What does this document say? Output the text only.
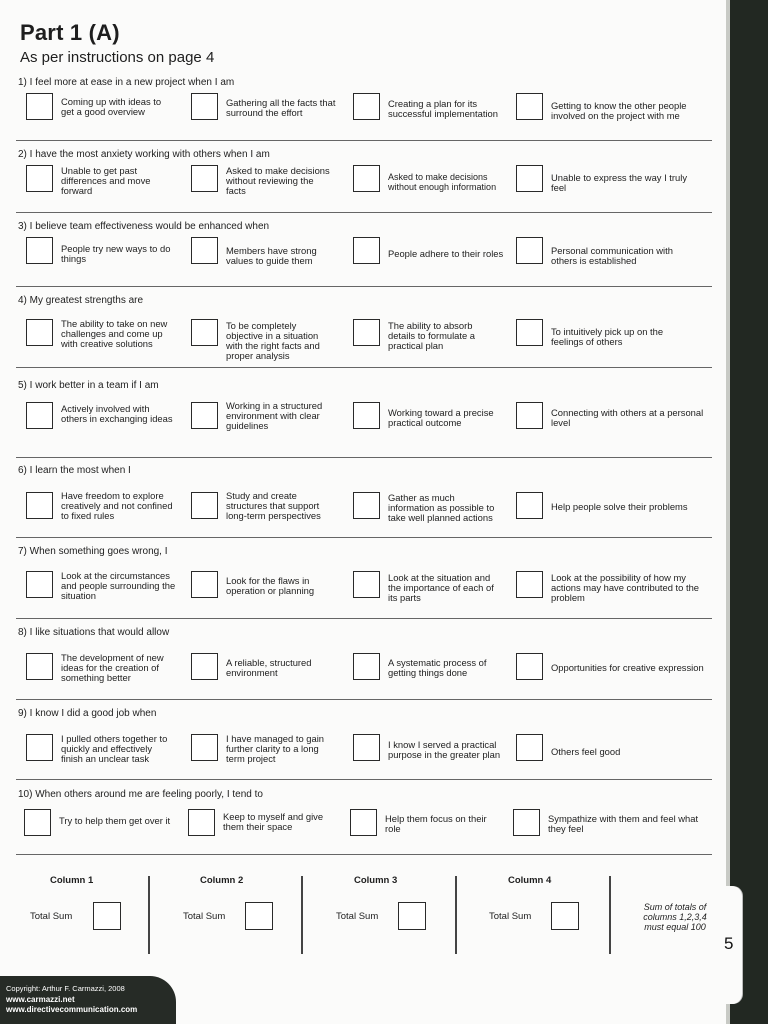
Part 1 (A)

As per instructions on page 4

1) I feel more at ease in a new project when I am
Coming up with ideas to
get a good overview
Gathering all the facts that
surround the effort
Creating a plan for its
successful implementation
Getting to know the other people
involved on the project with me
2) I have the most anxiety working with others when I am
Unable to get past
differences and move
forward
Asked to make decisions
without reviewing the
facts
Asked to make decisions
without enough information
Unable to express the way I truly
feel
3) I believe team effectiveness would be enhanced when
People try new ways to do
things
Members have strong
values to guide them
People adhere to their roles	Personal communication with
others is established
4) My greatest strengths are
The ability to take on new
challenges and come up
with creative solutions
To be completely
objective in a situation
with the right facts and
proper analysis
The ability to absorb
details to formulate a
practical plan
To intuitively pick up on the
feelings of others
5) I work better in a team if I am
Actively involved with
others in exchanging ideas
Working in a structured
environment with clear
guidelines
Working toward a precise
practical outcome
Connecting with others at a personal
level
6) I learn the most when I
Have freedom to explore
creatively and not confined
to fixed rules
Study and create
structures that support
long-term perspectives
Gather as much
information as possible to
take well planned actions
Help people solve their problems
7) When something goes wrong, I
Look at the circumstances
and people surrounding the
situation
Look for the flaws in
operation or planning
Look at the situation and
the importance of each of
its parts
Look at the possibility of how my
actions may have contributed to the
problem
8) I like situations that would allow
The development of new
ideas for the creation of
something better
A reliable, structured
environment
A systematic process of
getting things done	Opportunities for creative expression
9) I know I did a good job when
I pulled others together to
quickly and effectively
finish an unclear task
I have managed to gain
further clarity to a long
term project
I know I served a practical
purpose in the greater plan	Others feel good
10) When others around me are feeling poorly, I tend to
Try to help them get over it	Keep to myself and give
them their space
Help them focus on their
role
Sympathize with them and feel what
they feel
Column 1
Total Sum
Column 2
Total Sum
Column 3
Total Sum
Column 4
Total Sum
Sum of totals of columns 1,2,3,4 must equal 100
Copyright: Arthur F. Carmazzi, 2008
www.carmazzi.net
www.directivecommunication.com
5
